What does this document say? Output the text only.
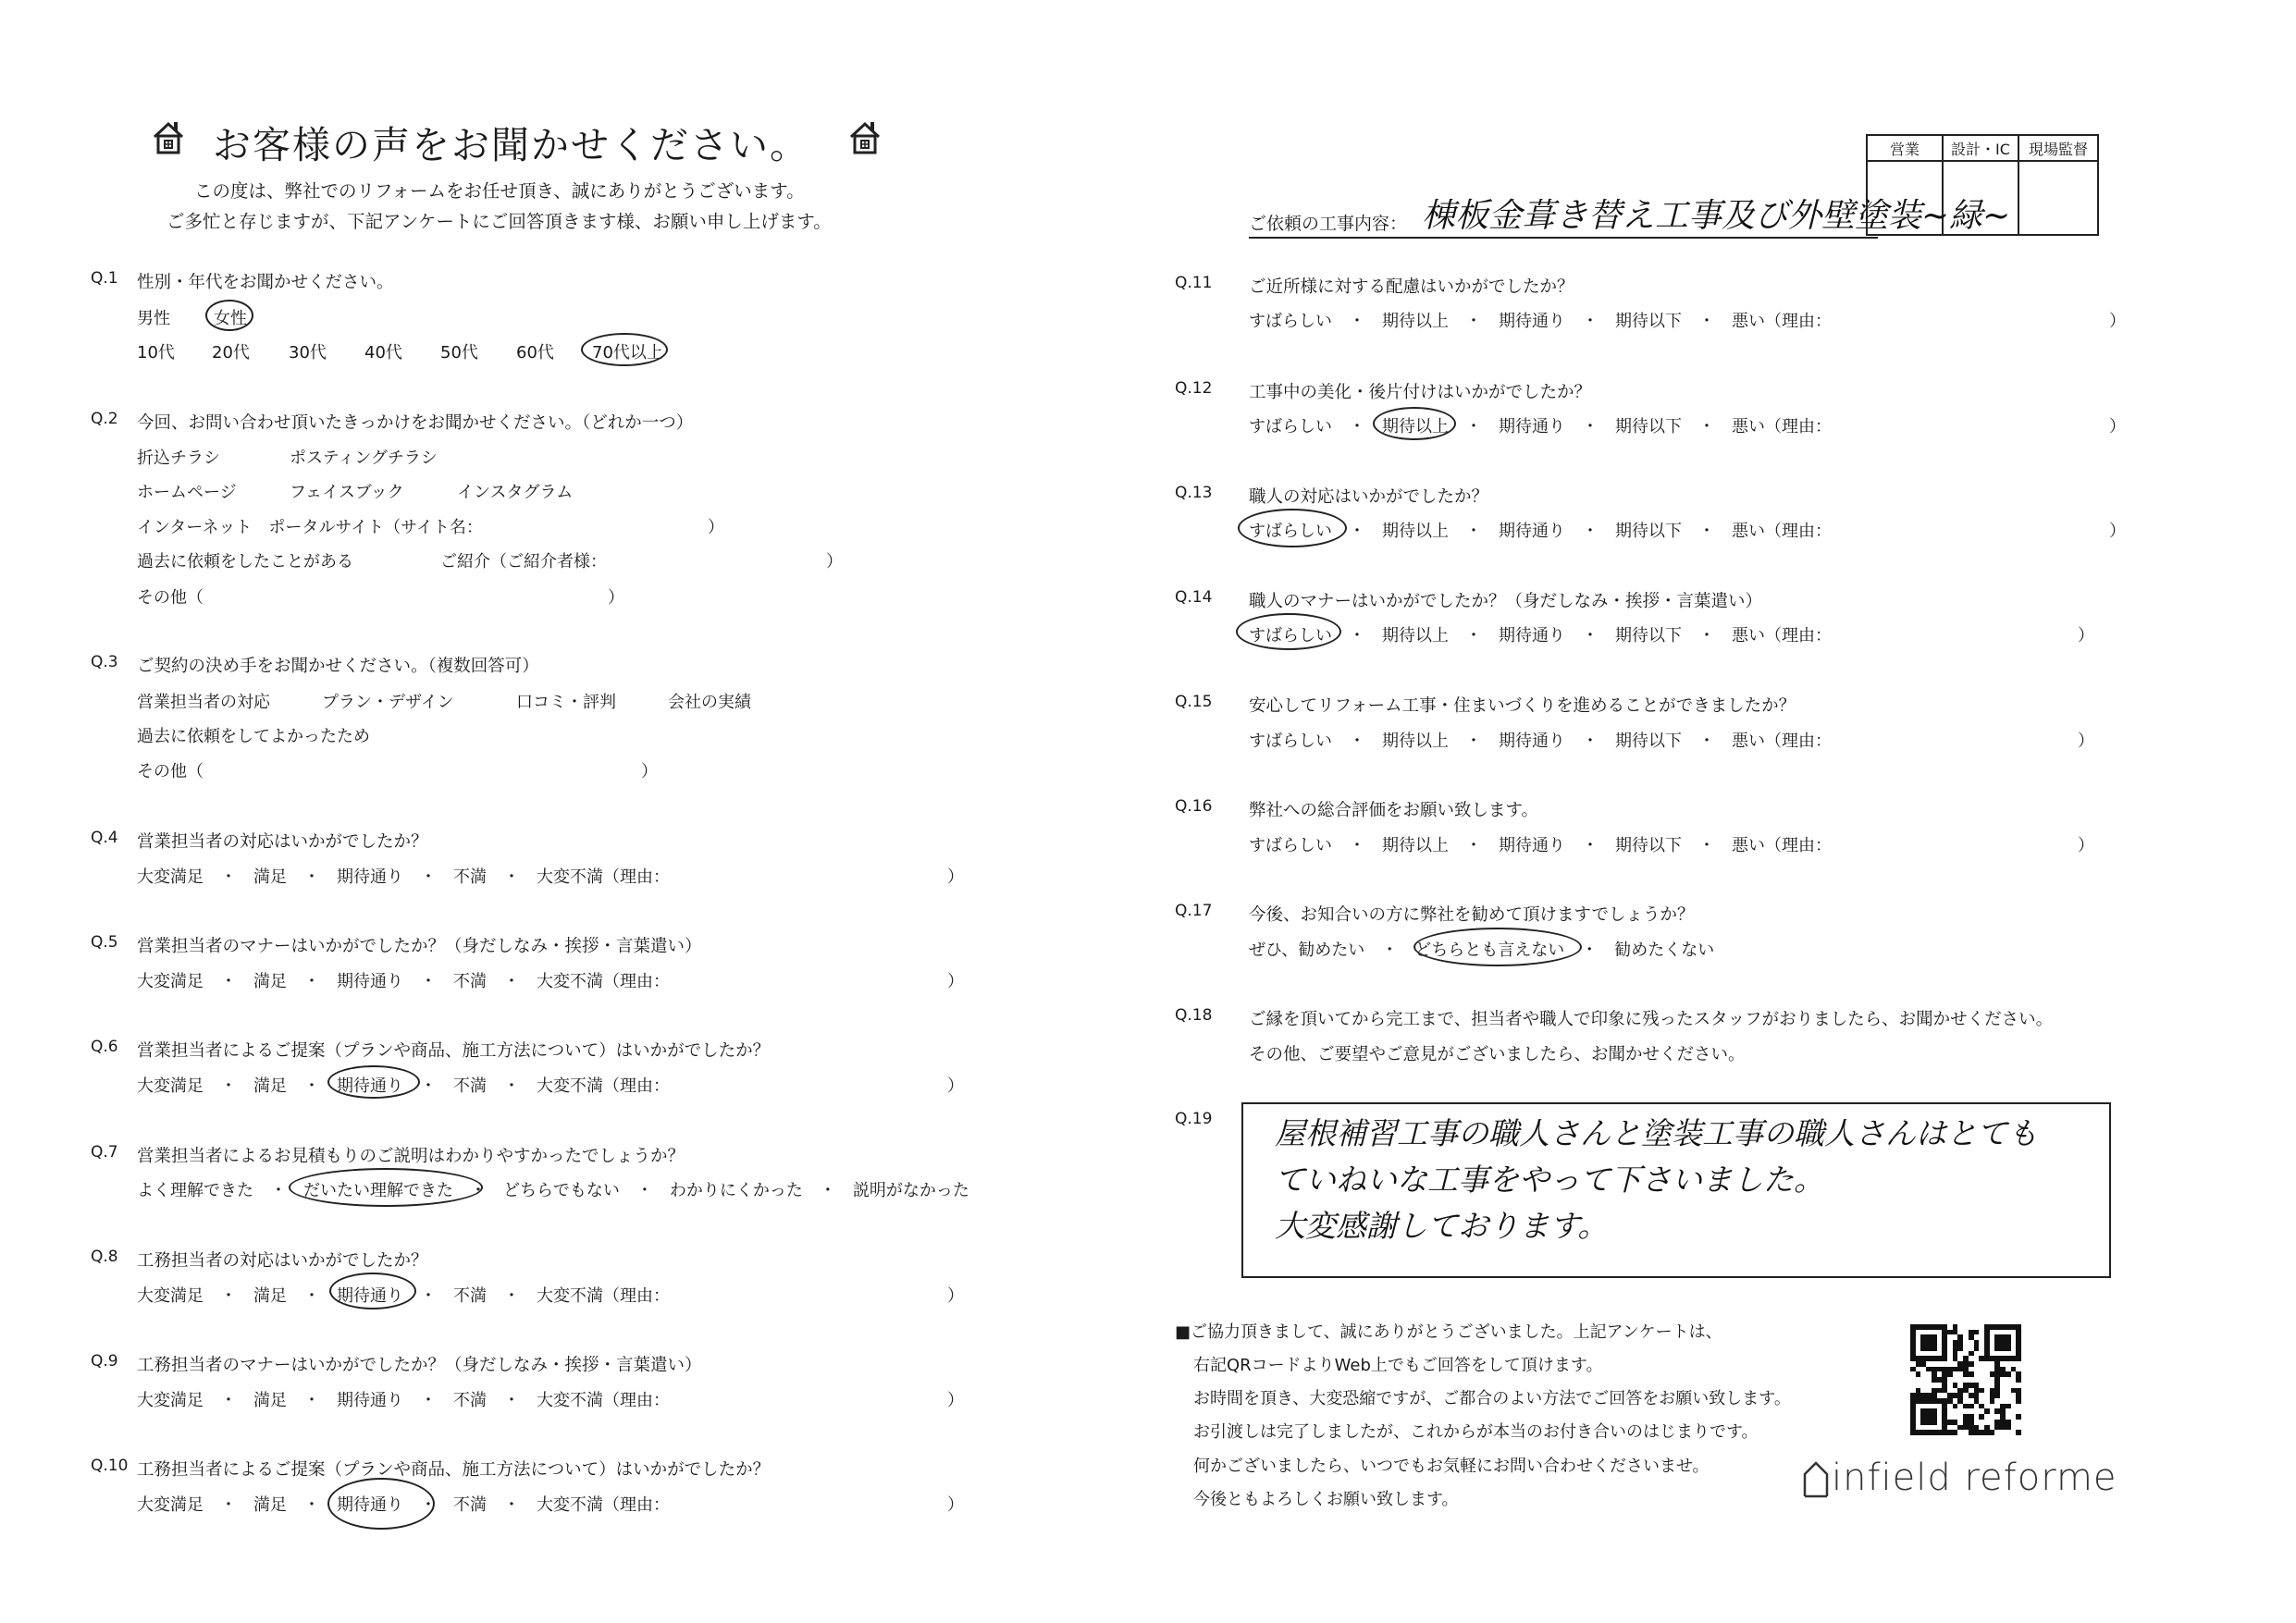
お客様の声をお聞かせください。
この度は、弊社でのリフォームをお任せ頂き、誠にありがとうございます。
ご多忙と存じますが、下記アンケートにご回答頂きます様、お願い申し上げます。
営業	設計・IC	現場監督

ご依頼の工事内容： 棟板金葺き替え工事及び外壁塗装~緑~
Q.1 性別・年代をお聞かせください。
男性	女性
10代 20代 30代 40代 50代 60代 70代以上
Q.2 今回、お問い合わせ頂いたきっかけをお聞かせください。（どれか一つ）
折込チラシ	ポスティングチラシ
ホームページ	フェイスブック	インスタグラム
インターネット　ポータルサイト（サイト名：	）
過去に依頼をしたことがある	ご紹介（ご紹介者様：	）
その他（	）
Q.3 ご契約の決め手をお聞かせください。（複数回答可）
営業担当者の対応	プラン・デザイン	口コミ・評判	会社の実績
過去に依頼をしてよかったため
その他（	）
Q.4 営業担当者の対応はいかがでしたか？
大変満足　・　満足　・　期待通り　・　不満　・　大変不満（理由：	）
Q.5 営業担当者のマナーはいかがでしたか？（身だしなみ・挨拶・言葉遣い）
大変満足　・　満足　・　期待通り　・　不満　・　大変不満（理由：	）
Q.6 営業担当者によるご提案（プランや商品、施工方法について）はいかがでしたか？
大変満足　・　満足　・　期待通り　・　不満　・　大変不満（理由：	）
Q.7 営業担当者によるお見積もりのご説明はわかりやすかったでしょうか？
よく理解できた　・　だいたい理解できた　・　どちらでもない　・　わかりにくかった　・　説明がなかった
Q.8 工務担当者の対応はいかがでしたか？
大変満足　・　満足　・　期待通り　・　不満　・　大変不満（理由：	）
Q.9 工務担当者のマナーはいかがでしたか？（身だしなみ・挨拶・言葉遣い）
大変満足　・　満足　・　期待通り　・　不満　・　大変不満（理由：	）
Q.10 工務担当者によるご提案（プランや商品、施工方法について）はいかがでしたか？
大変満足　・　満足　・　期待通り　・　不満　・　大変不満（理由：	）
Q.11 ご近所様に対する配慮はいかがでしたか？
すばらしい　・　期待以上　・　期待通り　・　期待以下　・　悪い（理由：	）
Q.12 工事中の美化・後片付けはいかがでしたか？
すばらしい　・　期待以上　・　期待通り　・　期待以下　・　悪い（理由：	）
Q.13 職人の対応はいかがでしたか？
すばらしい　・　期待以上　・　期待通り　・　期待以下　・　悪い（理由：	）
Q.14 職人のマナーはいかがでしたか？（身だしなみ・挨拶・言葉遣い）
すばらしい　・　期待以上　・　期待通り　・　期待以下　・　悪い（理由：	）
Q.15 安心してリフォーム工事・住まいづくりを進めることができましたか？
すばらしい　・　期待以上　・　期待通り　・　期待以下　・　悪い（理由：	）
Q.16 弊社への総合評価をお願い致します。
すばらしい　・　期待以上　・　期待通り　・　期待以下　・　悪い（理由：	）
Q.17 今後、お知合いの方に弊社を勧めて頂けますでしょうか？
ぜひ、勧めたい　・　どちらとも言えない　・　勧めたくない
Q.18 ご縁を頂いてから完工まで、担当者や職人で印象に残ったスタッフがおりましたら、お聞かせください。
その他、ご要望やご意見がございましたら、お聞かせください。
Q.19 屋根補習工事の職人さんと塗装工事の職人さんはとても
ていねいな工事をやって下さいました。
大変感謝しております。
■ご協力頂きまして、誠にありがとうございました。上記アンケートは、
右記QRコードよりWeb上でもご回答をして頂けます。
お時間を頂き、大変恐縮ですが、ご都合のよい方法でご回答をお願い致します。
お引渡しは完了しましたが、これからが本当のお付き合いのはじまりです。
何かございましたら、いつでもお気軽にお問い合わせくださいませ。
今後ともよろしくお願い致します。
infield reforme
